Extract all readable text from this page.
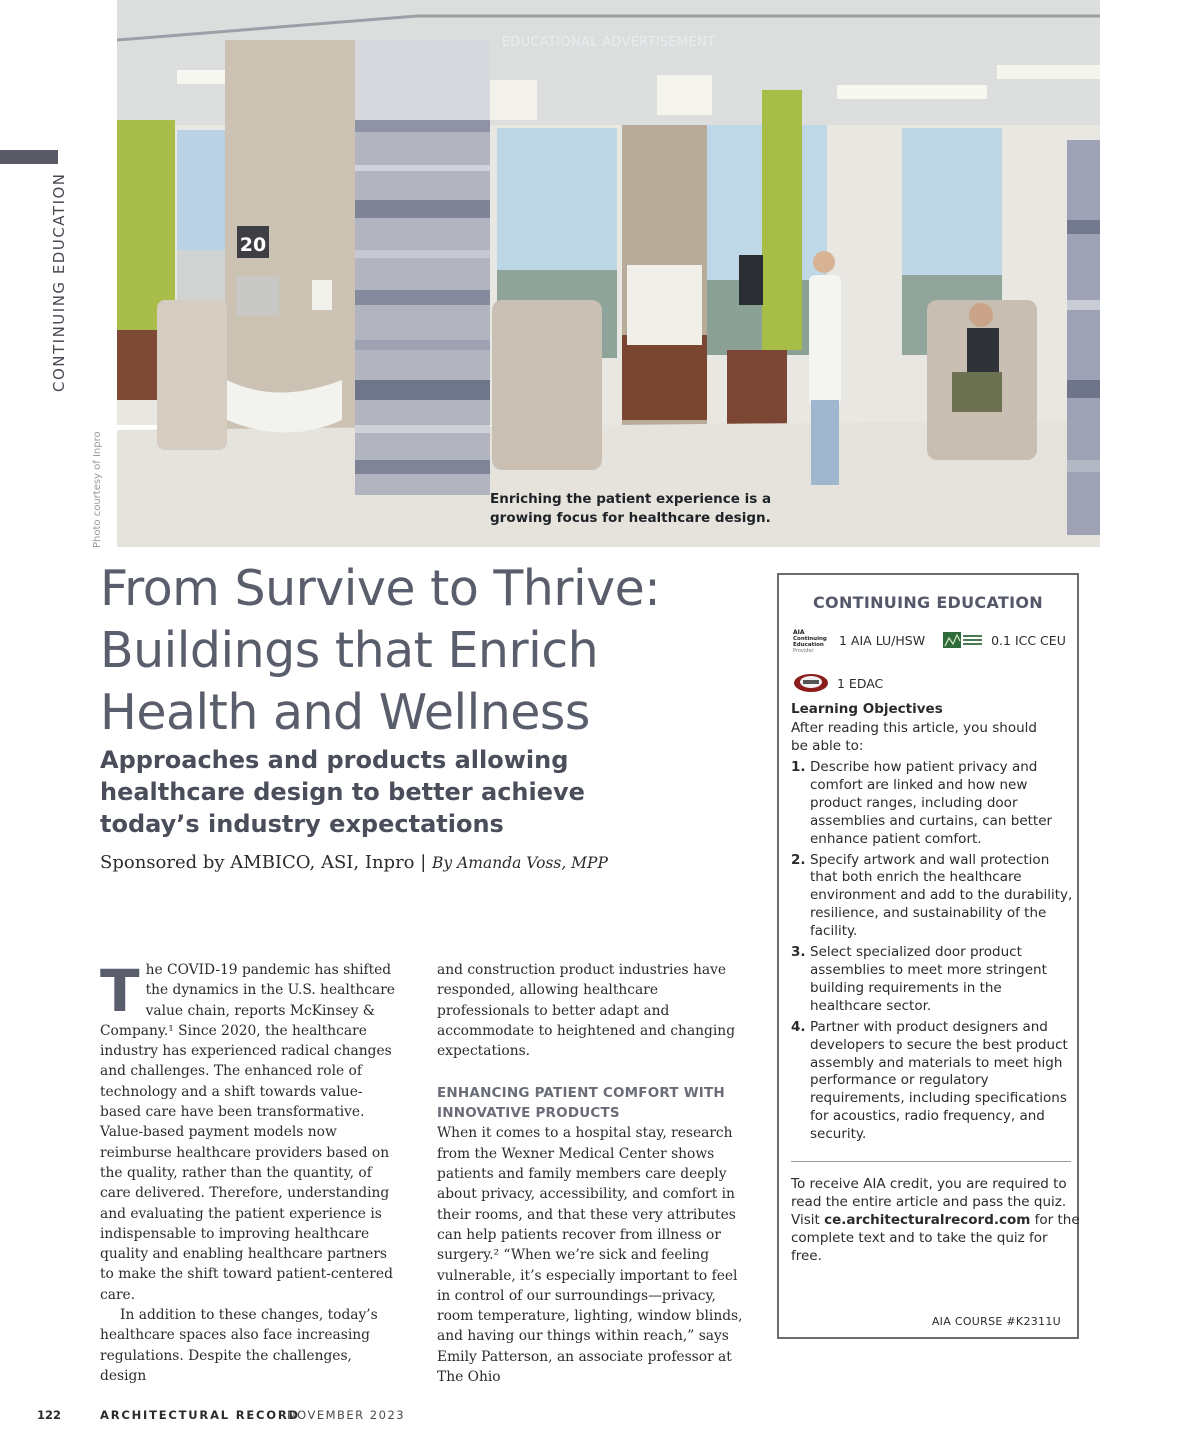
CONTINUING EDUCATION
Photo courtesy of Inpro
20
EDUCATIONAL ADVERTISEMENT
Enriching the patient experience is a growing focus for healthcare design.
From Survive to Thrive: Buildings that Enrich Health and Wellness
Approaches and products allowing healthcare design to better achieve today’s industry expectations
Sponsored by AMBICO, ASI, Inpro | By Amanda Voss, MPP

The COVID-19 pandemic has shifted the dynamics in the U.S. healthcare value chain, reports McKinsey & Company.¹ Since 2020, the healthcare industry has experienced radical changes and challenges. The enhanced role of technology and a shift towards value-based care have been transformative. Value-based payment models now reimburse healthcare providers based on the quality, rather than the quantity, of care delivered. Therefore, understanding and evaluating the patient experience is indispensable to improving healthcare quality and enabling healthcare partners to make the shift toward patient-centered care.

In addition to these changes, today’s healthcare spaces also face increasing regulations. Despite the challenges, design

and construction product industries have responded, allowing healthcare professionals to better adapt and accommodate to heightened and changing expectations.

ENHANCING PATIENT COMFORT WITH INNOVATIVE PRODUCTS

When it comes to a hospital stay, research from the Wexner Medical Center shows patients and family members care deeply about privacy, accessibility, and comfort in their rooms, and that these very attributes can help patients recover from illness or surgery.² “When we’re sick and feeling vulnerable, it’s especially important to feel in control of our surroundings—privacy, room temperature, lighting, window blinds, and having our things within reach,” says Emily Patterson, an associate professor at The Ohio

CONTINUING EDUCATION
AIA
Continuing
Education
Provider
1 AIA LU/HSW	0.1 ICC CEU
1 EDAC
Learning Objectives
After reading this article, you should be able to:
1. Describe how patient privacy and comfort are linked and how new product ranges, including door assemblies and curtains, can better enhance patient comfort.
2. Specify artwork and wall protection that both enrich the healthcare environment and add to the durability, resilience, and sustainability of the facility.
3. Select specialized door product assemblies to meet more stringent building requirements in the healthcare sector.
4. Partner with product designers and developers to secure the best product assembly and materials to meet high performance or regulatory requirements, including specifications for acoustics, radio frequency, and security.
To receive AIA credit, you are required to read the entire article and pass the quiz. Visit ce.architecturalrecord.com for the complete text and to take the quiz for free.
AIA COURSE #K2311U
122	ARCHITECTURAL RECORD
NOVEMBER 2023
